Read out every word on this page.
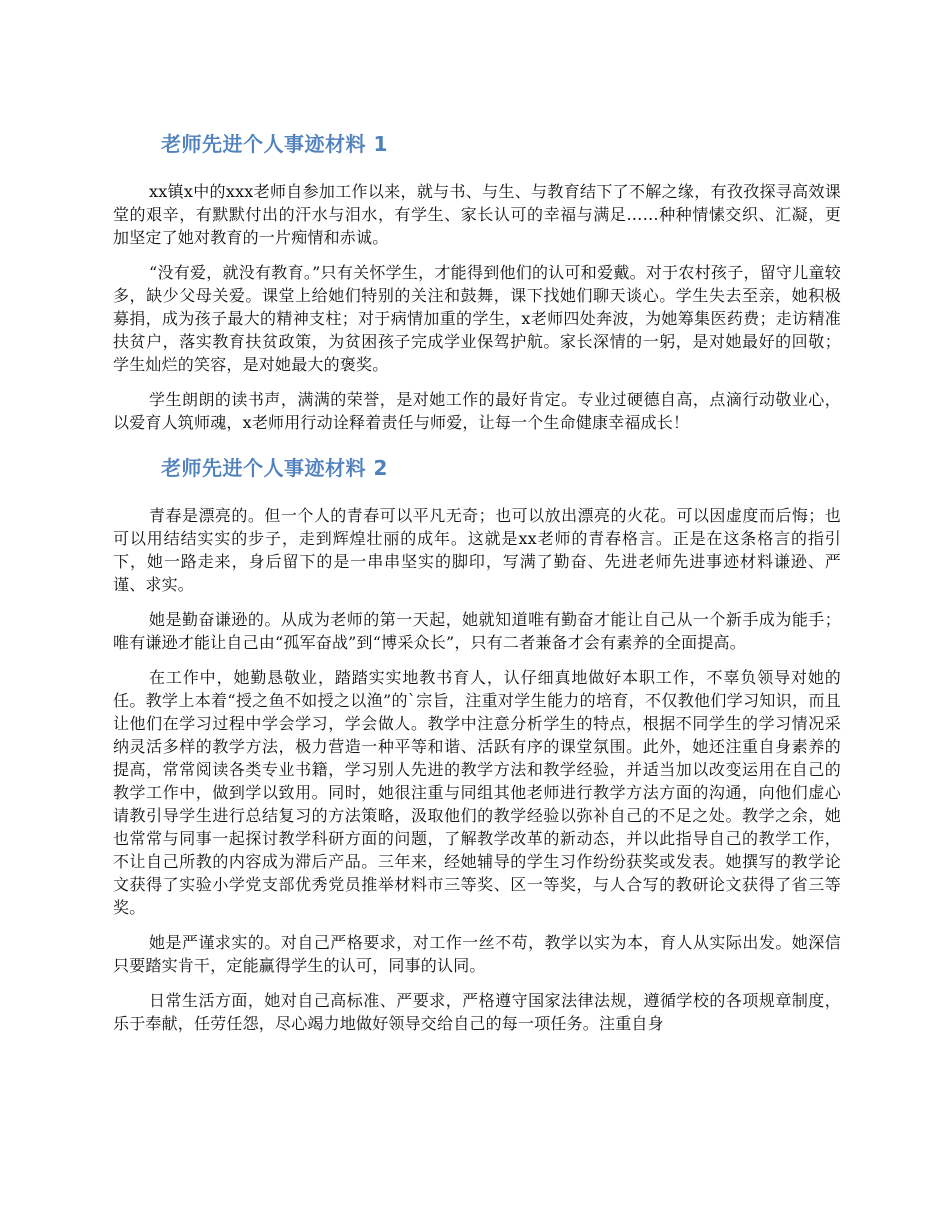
老师先进个人事迹材料 1

xx镇x中的xxx老师自参加工作以来，就与书、与生、与教育结下了不解之缘，有孜孜探寻高效课堂的艰辛，有默默付出的汗水与泪水，有学生、家长认可的幸福与满足……种种情愫交织、汇凝，更加坚定了她对教育的一片痴情和赤诚。

“没有爱，就没有教育。”只有关怀学生，才能得到他们的认可和爱戴。对于农村孩子，留守儿童较多，缺少父母关爱。课堂上给她们特别的关注和鼓舞，课下找她们聊天谈心。学生失去至亲，她积极募捐，成为孩子最大的精神支柱；对于病情加重的学生，x老师四处奔波，为她筹集医药费；走访精准扶贫户，落实教育扶贫政策，为贫困孩子完成学业保驾护航。家长深情的一躬，是对她最好的回敬；学生灿烂的笑容，是对她最大的褒奖。

学生朗朗的读书声，满满的荣誉，是对她工作的最好肯定。专业过硬德自高，点滴行动敬业心，以爱育人筑师魂，x老师用行动诠释着责任与师爱，让每一个生命健康幸福成长！

老师先进个人事迹材料 2

青春是漂亮的。但一个人的青春可以平凡无奇；也可以放出漂亮的火花。可以因虚度而后悔；也可以用结结实实的步子，走到辉煌壮丽的成年。这就是xx老师的青春格言。正是在这条格言的指引下，她一路走来，身后留下的是一串串坚实的脚印，写满了勤奋、先进老师先进事迹材料谦逊、严谨、求实。

她是勤奋谦逊的。从成为老师的第一天起，她就知道唯有勤奋才能让自己从一个新手成为能手；唯有谦逊才能让自己由“孤军奋战”到“博采众长”，只有二者兼备才会有素养的全面提高。

在工作中，她勤恳敬业，踏踏实实地教书育人，认仔细真地做好本职工作，不辜负领导对她的任。教学上本着“授之鱼不如授之以渔”的`宗旨，注重对学生能力的培育，不仅教他们学习知识，而且让他们在学习过程中学会学习，学会做人。教学中注意分析学生的特点，根据不同学生的学习情况采纳灵活多样的教学方法，极力营造一种平等和谐、活跃有序的课堂氛围。此外，她还注重自身素养的提高，常常阅读各类专业书籍，学习别人先进的教学方法和教学经验，并适当加以改变运用在自己的教学工作中，做到学以致用。同时，她很注重与同组其他老师进行教学方法方面的沟通，向他们虚心请教引导学生进行总结复习的方法策略，汲取他们的教学经验以弥补自己的不足之处。教学之余，她也常常与同事一起探讨教学科研方面的问题，了解教学改革的新动态，并以此指导自己的教学工作，不让自己所教的内容成为滞后产品。三年来，经她辅导的学生习作纷纷获奖或发表。她撰写的教学论文获得了实验小学党支部优秀党员推举材料市三等奖、区一等奖，与人合写的教研论文获得了省三等奖。

她是严谨求实的。对自己严格要求，对工作一丝不苟，教学以实为本，育人从实际出发。她深信只要踏实肯干，定能赢得学生的认可，同事的认同。

日常生活方面，她对自己高标准、严要求，严格遵守国家法律法规，遵循学校的各项规章制度，乐于奉献，任劳任怨，尽心竭力地做好领导交给自己的每一项任务。注重自身
